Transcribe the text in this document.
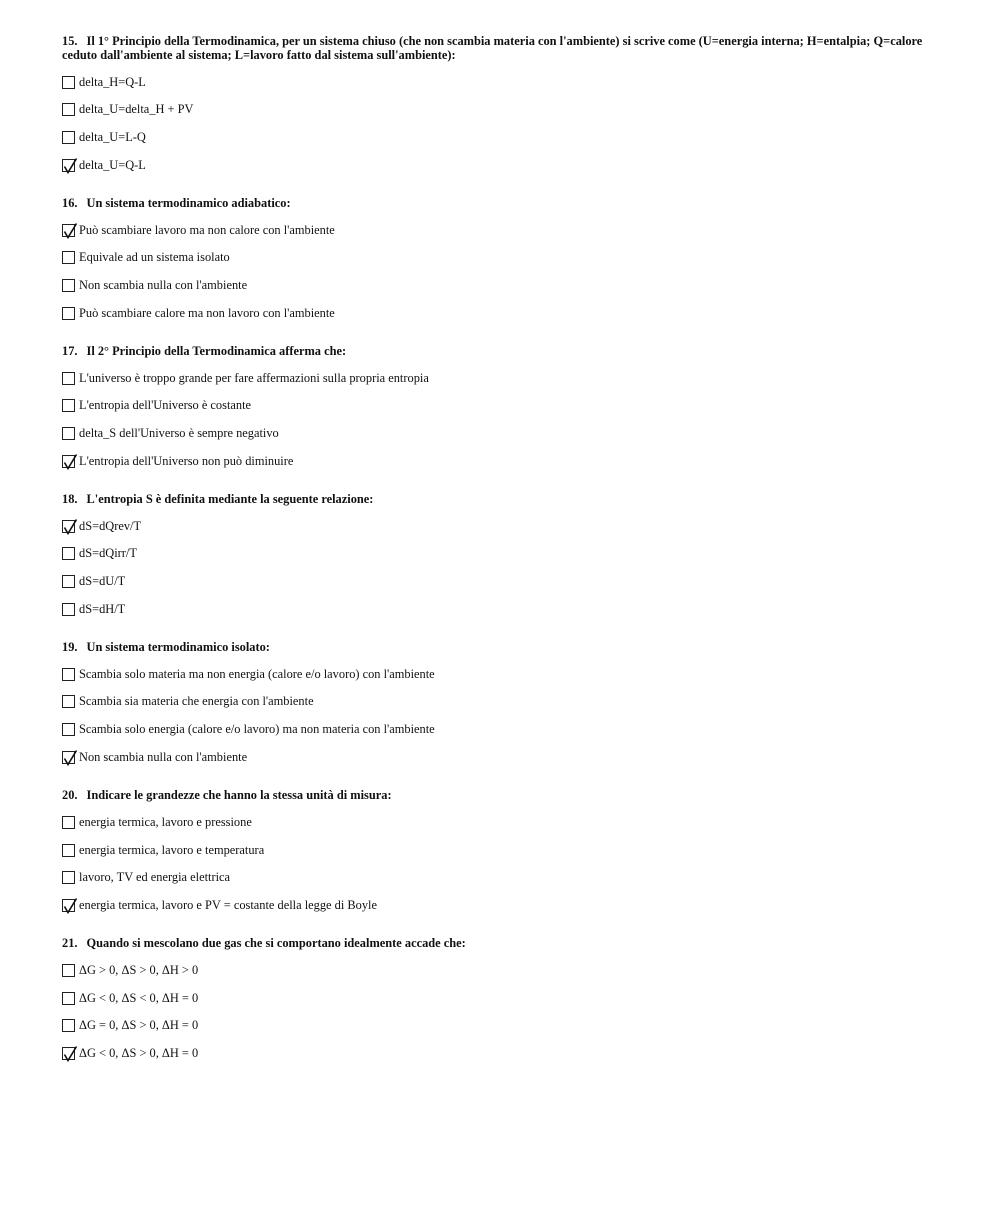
15. Il 1° Principio della Termodinamica, per un sistema chiuso (che non scambia materia con l'ambiente) si scrive come (U=energia interna; H=entalpia; Q=calore ceduto dall'ambiente al sistema; L=lavoro fatto dal sistema sull'ambiente):
delta_H=Q-L
delta_U=delta_H + PV
delta_U=L-Q
delta_U=Q-L
16. Un sistema termodinamico adiabatico:
Può scambiare lavoro ma non calore con l'ambiente
Equivale ad un sistema isolato
Non scambia nulla con l'ambiente
Può scambiare calore ma non lavoro con l'ambiente
17. Il 2° Principio della Termodinamica afferma che:
L'universo è troppo grande per fare affermazioni sulla propria entropia
L'entropia dell'Universo è costante
delta_S dell'Universo è sempre negativo
L'entropia dell'Universo non può diminuire
18. L'entropia S è definita mediante la seguente relazione:
dS=dQrev/T
dS=dQirr/T
dS=dU/T
dS=dH/T
19. Un sistema termodinamico isolato:
Scambia solo materia ma non energia (calore e/o lavoro) con l'ambiente
Scambia sia materia che energia con l'ambiente
Scambia solo energia (calore e/o lavoro) ma non materia con l'ambiente
Non scambia nulla con l'ambiente
20. Indicare le grandezze che hanno la stessa unità di misura:
energia termica, lavoro e pressione
energia termica, lavoro e temperatura
lavoro, TV ed energia elettrica
energia termica, lavoro e PV = costante della legge di Boyle
21. Quando si mescolano due gas che si comportano idealmente accade che:
ΔG > 0, ΔS > 0, ΔH > 0
ΔG < 0, ΔS < 0, ΔH = 0
ΔG = 0, ΔS > 0, ΔH = 0
ΔG < 0, ΔS > 0, ΔH = 0
